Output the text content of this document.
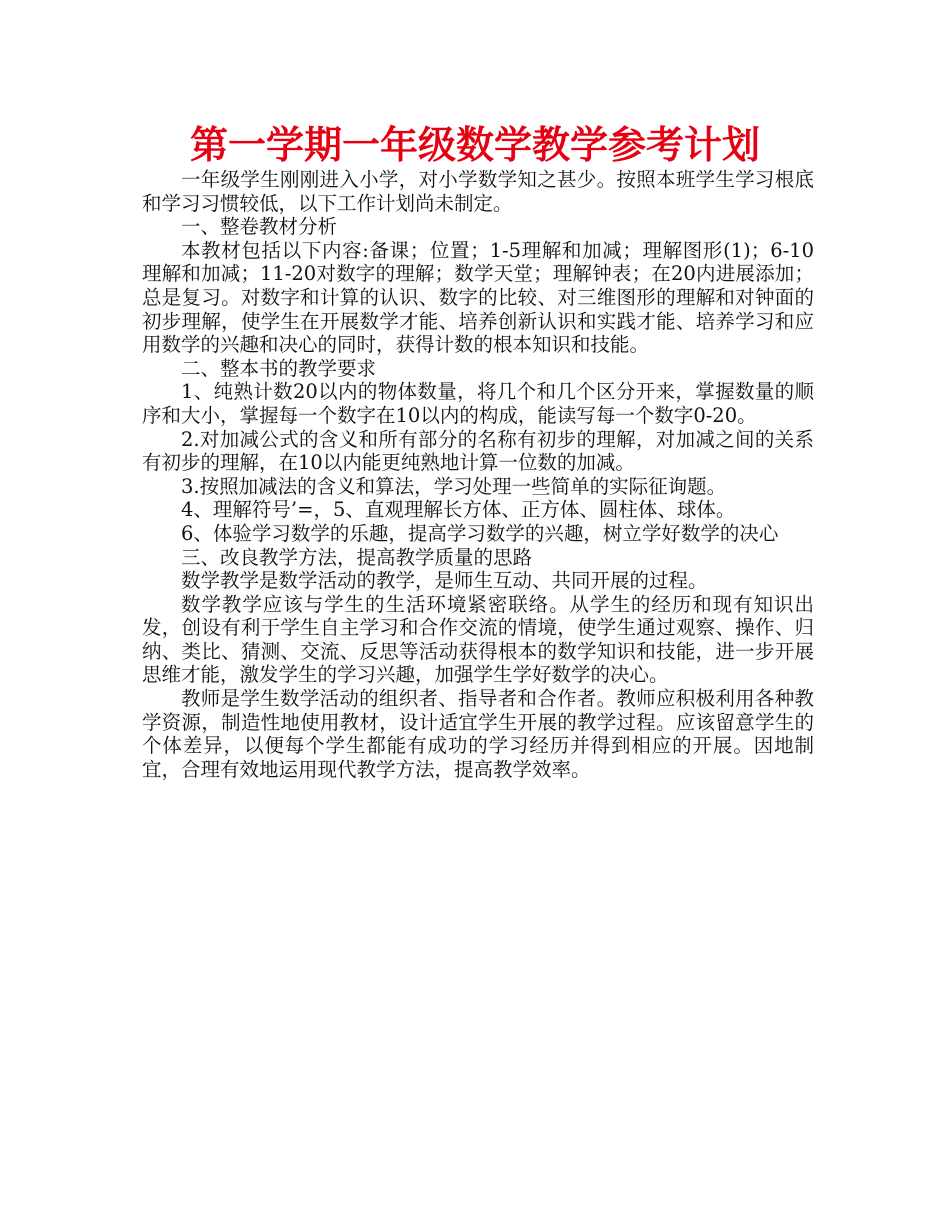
第一学期一年级数学教学参考计划

一年级学生刚刚进入小学，对小学数学知之甚少。按照本班学生学习根底和学习习惯较低，以下工作计划尚未制定。

一、整卷教材分析

本教材包括以下内容:备课；位置；1-5理解和加减；理解图形(1)；6-10理解和加减；11-20对数字的理解；数学天堂；理解钟表；在20内进展添加；总是复习。对数字和计算的认识、数字的比较、对三维图形的理解和对钟面的初步理解，使学生在开展数学才能、培养创新认识和实践才能、培养学习和应用数学的兴趣和决心的同时，获得计数的根本知识和技能。

二、整本书的教学要求

1、纯熟计数20以内的物体数量，将几个和几个区分开来，掌握数量的顺序和大小，掌握每一个数字在10以内的构成，能读写每一个数字0-20。

2.对加减公式的含义和所有部分的名称有初步的理解，对加减之间的关系有初步的理解，在10以内能更纯熟地计算一位数的加减。

3.按照加减法的含义和算法，学习处理一些简单的实际征询题。

4、理解符号’=，5、直观理解长方体、正方体、圆柱体、球体。

6、体验学习数学的乐趣，提高学习数学的兴趣，树立学好数学的决心

三、改良教学方法，提高教学质量的思路

数学教学是数学活动的教学，是师生互动、共同开展的过程。

数学教学应该与学生的生活环境紧密联络。从学生的经历和现有知识出发，创设有利于学生自主学习和合作交流的情境，使学生通过观察、操作、归纳、类比、猜测、交流、反思等活动获得根本的数学知识和技能，进一步开展思维才能，激发学生的学习兴趣，加强学生学好数学的决心。

教师是学生数学活动的组织者、指导者和合作者。教师应积极利用各种教学资源，制造性地使用教材，设计适宜学生开展的教学过程。应该留意学生的个体差异，以便每个学生都能有成功的学习经历并得到相应的开展。因地制宜，合理有效地运用现代教学方法，提高教学效率。
